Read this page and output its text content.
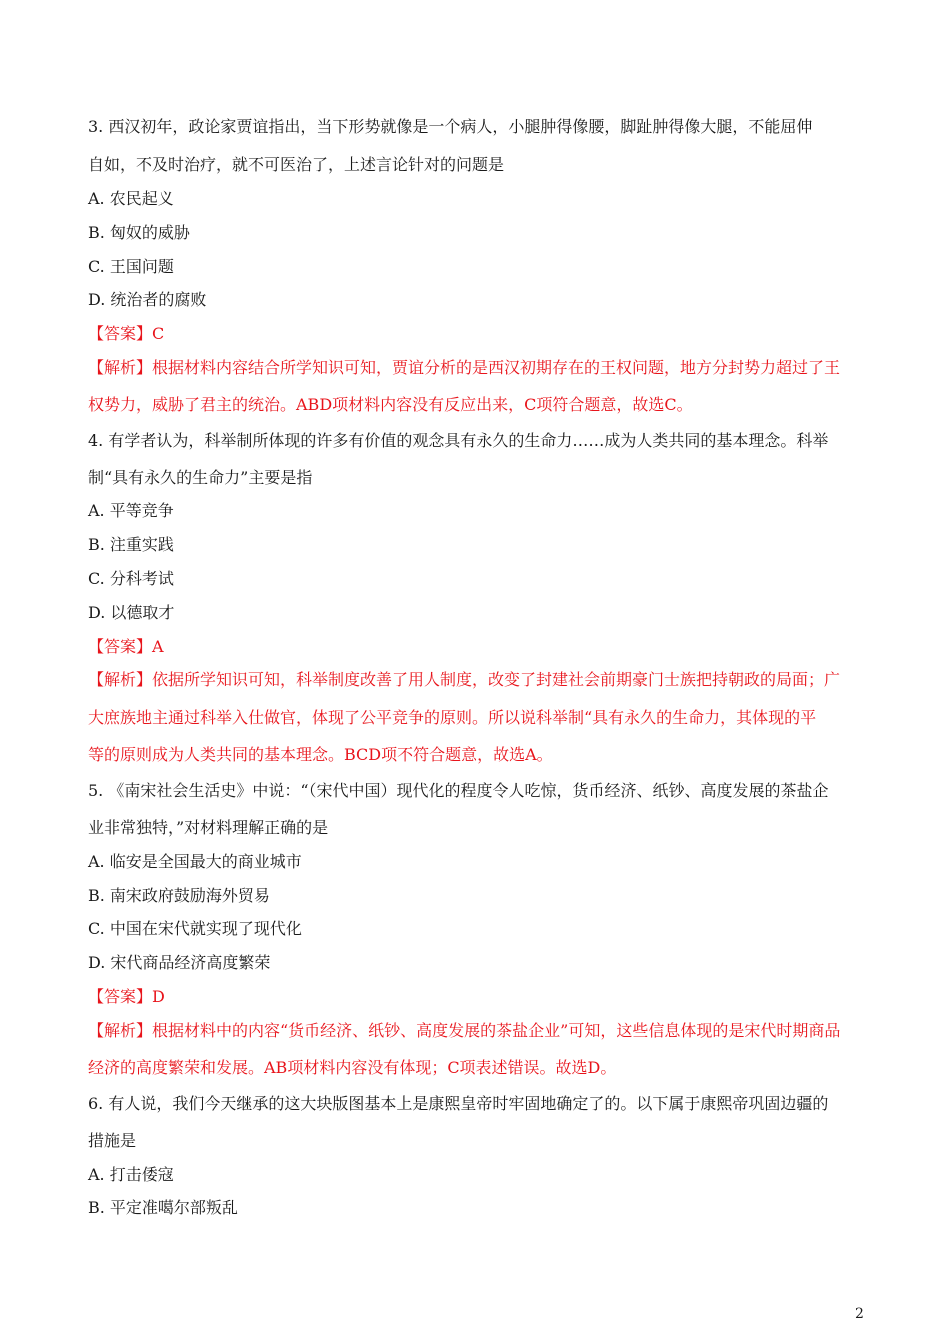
3. 西汉初年，政论家贾谊指出，当下形势就像是一个病人，小腿肿得像腰，脚趾肿得像大腿，不能屈伸
自如，不及时治疗，就不可医治了，上述言论针对的问题是
A. 农民起义
B. 匈奴的威胁
C. 王国问题
D. 统治者的腐败
【答案】C
【解析】根据材料内容结合所学知识可知，贾谊分析的是西汉初期存在的王权问题，地方分封势力超过了王
权势力，威胁了君主的统治。ABD项材料内容没有反应出来，C项符合题意，故选C。
4. 有学者认为，科举制所体现的许多有价值的观念具有永久的生命力……成为人类共同的基本理念。科举
制“具有永久的生命力”主要是指
A. 平等竞争
B. 注重实践
C. 分科考试
D. 以德取才
【答案】A
【解析】依据所学知识可知，科举制度改善了用人制度，改变了封建社会前期豪门士族把持朝政的局面；广
大庶族地主通过科举入仕做官，体现了公平竞争的原则。所以说科举制“具有永久的生命力，其体现的平
等的原则成为人类共同的基本理念。BCD项不符合题意，故选A。
5. 《南宋社会生活史》中说：“（宋代中国）现代化的程度令人吃惊，货币经济、纸钞、高度发展的茶盐企
业非常独特，”对材料理解正确的是
A. 临安是全国最大的商业城市
B. 南宋政府鼓励海外贸易
C. 中国在宋代就实现了现代化
D. 宋代商品经济高度繁荣
【答案】D
【解析】根据材料中的内容“货币经济、纸钞、高度发展的茶盐企业”可知，这些信息体现的是宋代时期商品
经济的高度繁荣和发展。AB项材料内容没有体现；C项表述错误。故选D。
6. 有人说，我们今天继承的这大块版图基本上是康熙皇帝时牢固地确定了的。以下属于康熙帝巩固边疆的
措施是
A. 打击倭寇
B. 平定准噶尔部叛乱
2
